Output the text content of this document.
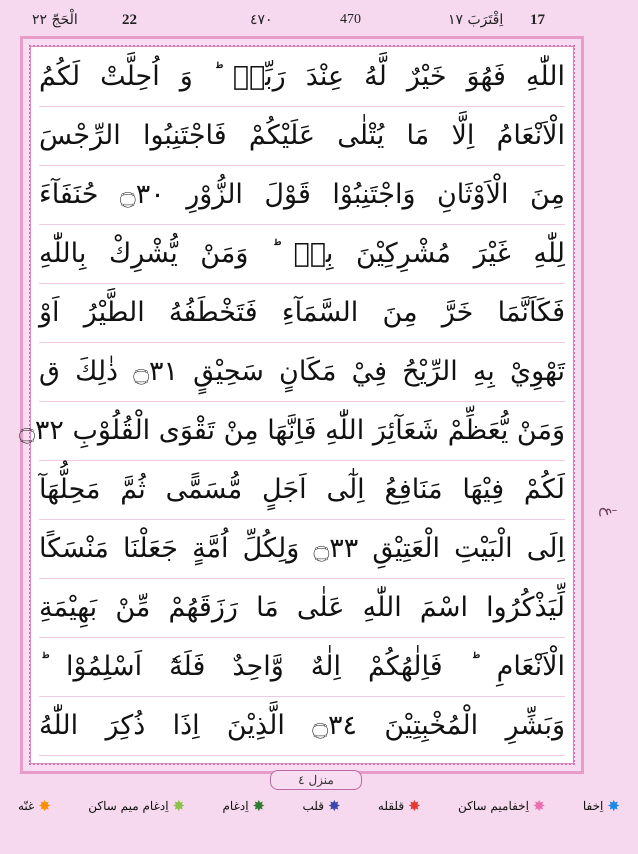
الْحَجّ ٢٢	22	٤٧٠	470	اِقْتَرَبَ ١٧ 17
اللّٰهِ فَهُوَ خَيْرٌ لَّهُ عِنْدَ رَبِّهٖ ؕ وَ اُحِلَّتْ لَكُمُ
الْاَنْعَامُ اِلَّا مَا يُتْلٰى عَلَيْكُمْ فَاجْتَنِبُوا الرِّجْسَ
مِنَ الْاَوْثَانِ وَاجْتَنِبُوْا قَوْلَ الزُّوْرِ ۝٣٠ حُنَفَآءَ
لِلّٰهِ غَيْرَ مُشْرِكِيْنَ بِهٖ ؕ وَمَنْ يُّشْرِكْ بِاللّٰهِ
فَكَاَنَّمَا خَرَّ مِنَ السَّمَآءِ فَتَخْطَفُهُ الطَّيْرُ اَوْ
تَهْوِيْ بِهِ الرِّيْحُ فِيْ مَكَانٍ سَحِيْقٍ ۝٣١ ذٰلِكَ ق
وَمَنْ يُّعَظِّمْ شَعَآئِرَ اللّٰهِ فَاِنَّهَا مِنْ تَقْوَى الْقُلُوْبِ ۝٣٢
لَكُمْ فِيْهَا مَنَافِعُ اِلٰٓى اَجَلٍ مُّسَمًّى ثُمَّ مَحِلُّهَآ
اِلَى الْبَيْتِ الْعَتِيْقِ ۝٣٣ وَلِكُلِّ اُمَّةٍ جَعَلْنَا مَنْسَكًا
لِّيَذْكُرُوا اسْمَ اللّٰهِ عَلٰى مَا رَزَقَهُمْ مِّنْ بَهِيْمَةِ
الْاَنْعَامِ ؕ فَاِلٰهُكُمْ اِلٰهٌ وَّاحِدٌ فَلَهٗٓ اَسْلِمُوْا ؕ
وَبَشِّرِ الْمُخْبِتِيْنَ ۝٣٤ الَّذِيْنَ اِذَا ذُكِرَ اللّٰهُ
عٰ
منزل ٤
✸
اِخفا
✸
اِخفاميم ساكن
✸
قلقله
✸
قلب
✸
اِدغام
✸
اِدغام ميم ساكن
✸
غنّه
